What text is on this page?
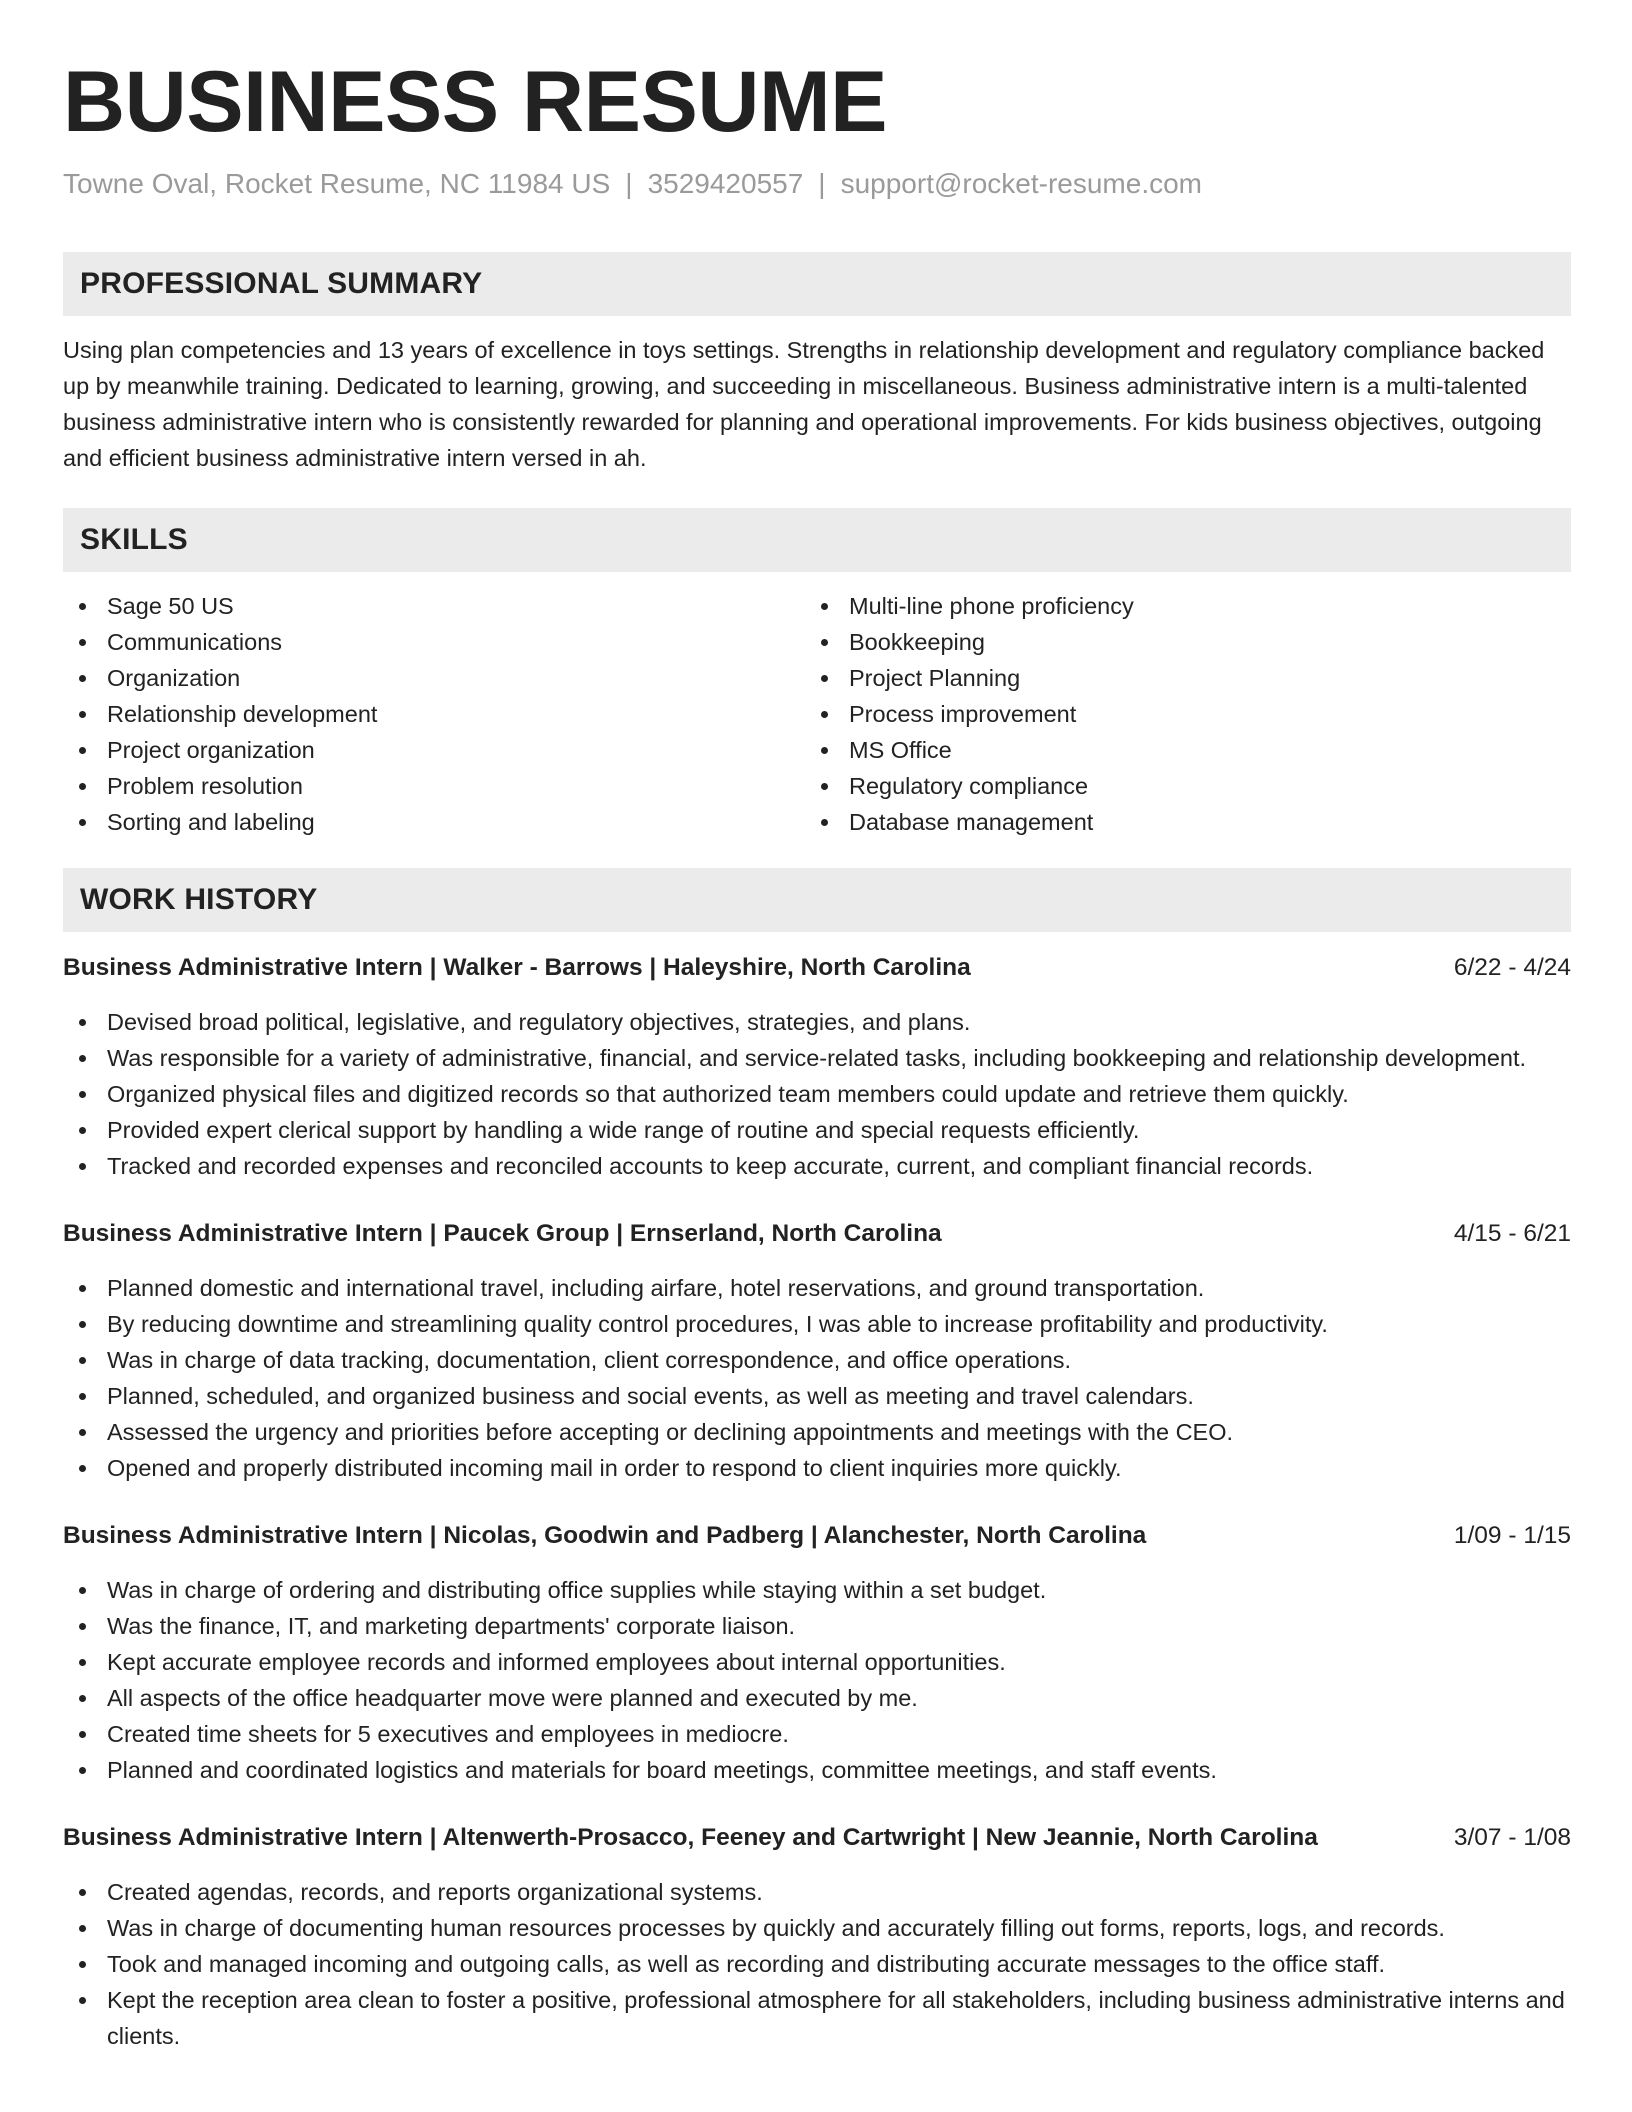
BUSINESS RESUME
Towne Oval, Rocket Resume, NC 11984 US | 3529420557 | support@rocket-resume.com
PROFESSIONAL SUMMARY
Using plan competencies and 13 years of excellence in toys settings. Strengths in relationship development and regulatory compliance backed up by meanwhile training. Dedicated to learning, growing, and succeeding in miscellaneous. Business administrative intern is a multi-talented business administrative intern who is consistently rewarded for planning and operational improvements. For kids business objectives, outgoing and efficient business administrative intern versed in ah.
SKILLS
Sage 50 US
Communications
Organization
Relationship development
Project organization
Problem resolution
Sorting and labeling
Multi-line phone proficiency
Bookkeeping
Project Planning
Process improvement
MS Office
Regulatory compliance
Database management
WORK HISTORY
Business Administrative Intern | Walker - Barrows | Haleyshire, North Carolina	6/22 - 4/24
Devised broad political, legislative, and regulatory objectives, strategies, and plans.
Was responsible for a variety of administrative, financial, and service-related tasks, including bookkeeping and relationship development.
Organized physical files and digitized records so that authorized team members could update and retrieve them quickly.
Provided expert clerical support by handling a wide range of routine and special requests efficiently.
Tracked and recorded expenses and reconciled accounts to keep accurate, current, and compliant financial records.
Business Administrative Intern | Paucek Group | Ernserland, North Carolina	4/15 - 6/21
Planned domestic and international travel, including airfare, hotel reservations, and ground transportation.
By reducing downtime and streamlining quality control procedures, I was able to increase profitability and productivity.
Was in charge of data tracking, documentation, client correspondence, and office operations.
Planned, scheduled, and organized business and social events, as well as meeting and travel calendars.
Assessed the urgency and priorities before accepting or declining appointments and meetings with the CEO.
Opened and properly distributed incoming mail in order to respond to client inquiries more quickly.
Business Administrative Intern | Nicolas, Goodwin and Padberg | Alanchester, North Carolina	1/09 - 1/15
Was in charge of ordering and distributing office supplies while staying within a set budget.
Was the finance, IT, and marketing departments' corporate liaison.
Kept accurate employee records and informed employees about internal opportunities.
All aspects of the office headquarter move were planned and executed by me.
Created time sheets for 5 executives and employees in mediocre.
Planned and coordinated logistics and materials for board meetings, committee meetings, and staff events.
Business Administrative Intern | Altenwerth-Prosacco, Feeney and Cartwright | New Jeannie, North Carolina	3/07 - 1/08
Created agendas, records, and reports organizational systems.
Was in charge of documenting human resources processes by quickly and accurately filling out forms, reports, logs, and records.
Took and managed incoming and outgoing calls, as well as recording and distributing accurate messages to the office staff.
Kept the reception area clean to foster a positive, professional atmosphere for all stakeholders, including business administrative interns and clients.
